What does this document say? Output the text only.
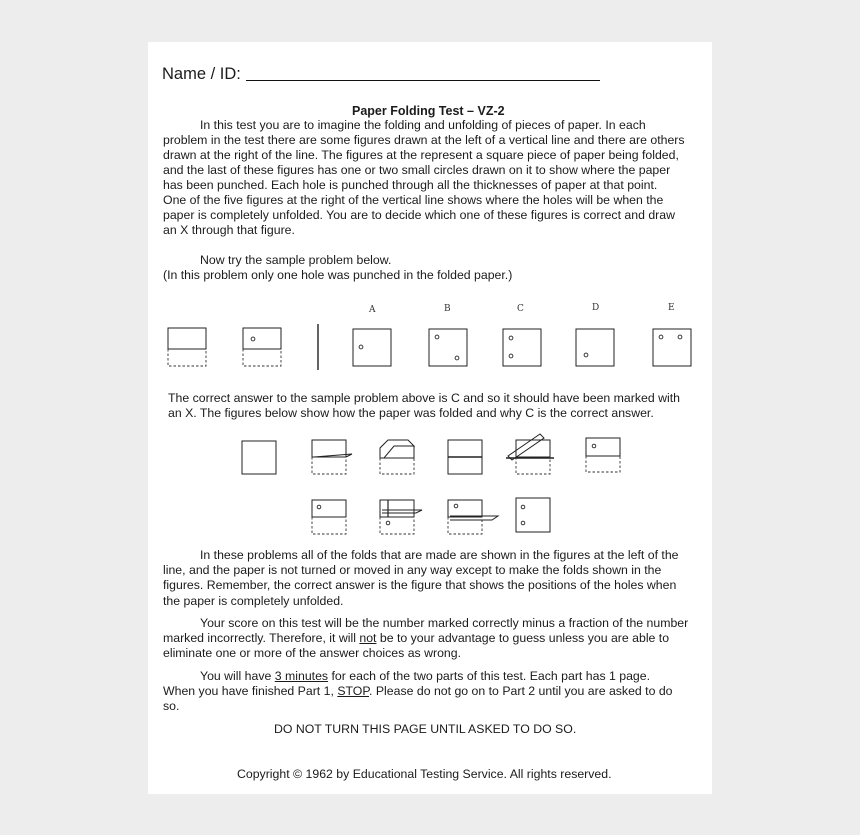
Name / ID:
Paper Folding Test – VZ-2
In this test you are to imagine the folding and unfolding of pieces of paper. In each
problem in the test there are some figures drawn at the left of a vertical line and there are others
drawn at the right of the line. The figures at the represent a square piece of paper being folded,
and the last of these figures has one or two small circles drawn on it to show where the paper
has been punched. Each hole is punched through all the thicknesses of paper at that point.
One of the five figures at the right of the vertical line shows where the holes will be when the
paper is completely unfolded. You are to decide which one of these figures is correct and draw
an X through that figure.
Now try the sample problem below.
(In this problem only one hole was punched in the folded paper.)
A	B	C	D	E
The correct answer to the sample problem above is C and so it should have been marked with
an X. The figures below show how the paper was folded and why C is the correct answer.
In these problems all of the folds that are made are shown in the figures at the left of the
line, and the paper is not turned or moved in any way except to make the folds shown in the
figures. Remember, the correct answer is the figure that shows the positions of the holes when
the paper is completely unfolded.
Your score on this test will be the number marked correctly minus a fraction of the number
marked incorrectly. Therefore, it will not be to your advantage to guess unless you are able to
eliminate one or more of the answer choices as wrong.
You will have 3 minutes for each of the two parts of this test. Each part has 1 page.
When you have finished Part 1, STOP. Please do not go on to Part 2 until you are asked to do
so.
DO NOT TURN THIS PAGE UNTIL ASKED TO DO SO.
Copyright © 1962 by Educational Testing Service. All rights reserved.
